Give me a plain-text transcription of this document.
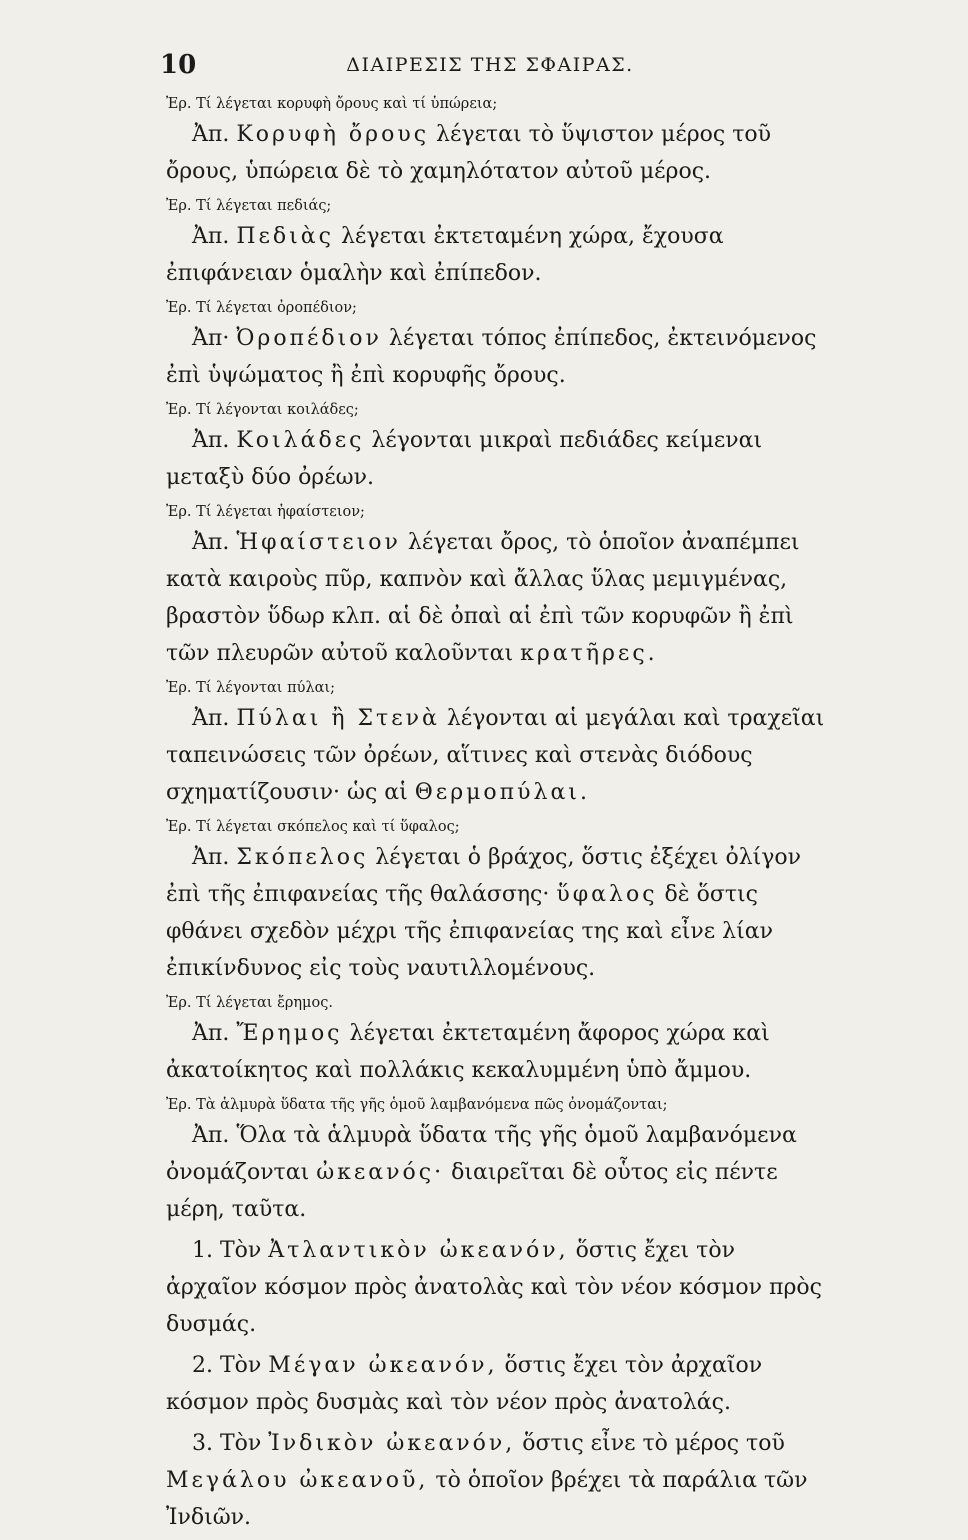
10	ΔΙΑΙΡΕΣΙΣ ΤΗΣ ΣΦΑΙΡΑΣ.

Ἐρ. Τί λέγεται κορυφὴ ὄρους καὶ τί ὑπώρεια;

Ἀπ. Κορυφὴ ὄρους λέγεται τὸ ὕψιστον μέρος τοῦ ὄρους, ὑπώρεια δὲ τὸ χαμηλότατον αὐτοῦ μέρος.

Ἐρ. Τί λέγεται πεδιάς;

Ἀπ. Πεδιὰς λέγεται ἐκτεταμένη χώρα, ἔχουσα ἐπιφάνειαν ὁμαλὴν καὶ ἐπίπεδον.

Ἐρ. Τί λέγεται ὀροπέδιον;

Ἀπ· Ὀροπέδιον λέγεται τόπος ἐπίπεδος, ἐκτεινόμενος ἐπὶ ὑψώματος ἢ ἐπὶ κορυφῆς ὄρους.

Ἐρ. Τί λέγονται κοιλάδες;

Ἀπ. Κοιλάδες λέγονται μικραὶ πεδιάδες κείμεναι μεταξὺ δύο ὀρέων.

Ἐρ. Τί λέγεται ἡφαίστειον;

Ἀπ. Ἡφαίστειον λέγεται ὄρος, τὸ ὁποῖον ἀναπέμπει κατὰ καιροὺς πῦρ, καπνὸν καὶ ἄλλας ὕλας μεμιγμένας, βραστὸν ὕδωρ κλπ. αἱ δὲ ὀπαὶ αἱ ἐπὶ τῶν κορυφῶν ἢ ἐπὶ τῶν πλευρῶν αὐτοῦ καλοῦνται κρατῆρες.

Ἐρ. Τί λέγονται πύλαι;

Ἀπ. Πύλαι ἢ Στενὰ λέγονται αἱ μεγάλαι καὶ τραχεῖαι ταπεινώσεις τῶν ὀρέων, αἵτινες καὶ στενὰς διόδους σχηματίζουσιν· ὡς αἱ Θερμοπύλαι.

Ἐρ. Τί λέγεται σκόπελος καὶ τί ὕφαλος;

Ἀπ. Σκόπελος λέγεται ὁ βράχος, ὅστις ἐξέχει ὀλίγον ἐπὶ τῆς ἐπιφανείας τῆς θαλάσσης· ὕφαλος δὲ ὅστις φθάνει σχεδὸν μέχρι τῆς ἐπιφανείας της καὶ εἶνε λίαν ἐπικίνδυνος εἰς τοὺς ναυτιλλομένους.

Ἐρ. Τί λέγεται ἔρημος.

Ἀπ. Ἔρημος λέγεται ἐκτεταμένη ἄφορος χώρα καὶ ἀκατοίκητος καὶ πολλάκις κεκαλυμμένη ὑπὸ ἄμμου.

Ἐρ. Τὰ ἁλμυρὰ ὕδατα τῆς γῆς ὁμοῦ λαμβανόμενα πῶς ὀνομάζονται;

Ἀπ. Ὅλα τὰ ἁλμυρὰ ὕδατα τῆς γῆς ὁμοῦ λαμβανόμενα ὀνομάζονται ὠκεανός· διαιρεῖται δὲ οὗτος εἰς πέντε μέρη, ταῦτα.

1. Τὸν Ἀτλαντικὸν ὠκεανόν, ὅστις ἔχει τὸν ἀρχαῖον κόσμον πρὸς ἀνατολὰς καὶ τὸν νέον κόσμον πρὸς δυσμάς.

2. Τὸν Μέγαν ὠκεανόν, ὅστις ἔχει τὸν ἀρχαῖον κόσμον πρὸς δυσμὰς καὶ τὸν νέον πρὸς ἀνατολάς.

3. Τὸν Ἰνδικὸν ὠκεανόν, ὅστις εἶνε τὸ μέρος τοῦ Μεγάλου ὠκεανοῦ, τὸ ὁποῖον βρέχει τὰ παράλια τῶν Ἰνδιῶν.
